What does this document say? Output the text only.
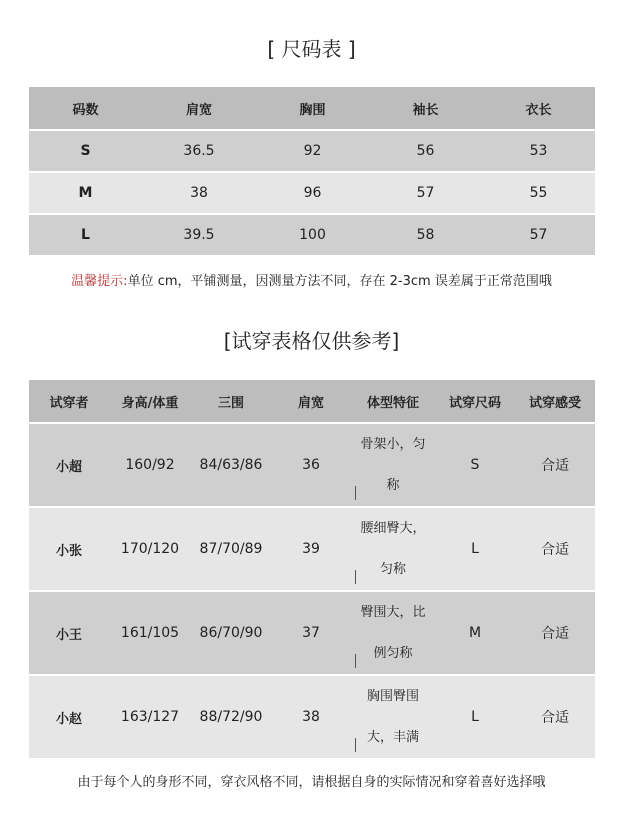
[ 尺码表 ]
码数	肩宽	胸围	袖长	衣长

S	36.5	92	56	53

M	38	96	57	55

L	39.5	100	58	57
温馨提示:单位 cm，平铺测量，因测量方法不同，存在 2-3cm 误差属于正常范围哦
[试穿表格仅供参考]
试穿者	身高/体重	三围	肩宽	体型特征	试穿尺码	试穿感受

小超	160/92	84/63/86	36	骨架小，匀称	S	合适

小张	170/120	87/70/89	39	腰细臀大，匀称	L	合适

小王	161/105	86/70/90	37	臀围大，比例匀称	M	合适

小赵	163/127	88/72/90	38	胸围臀围大，丰满	L	合适
由于每个人的身形不同，穿衣风格不同，请根据自身的实际情况和穿着喜好选择哦
